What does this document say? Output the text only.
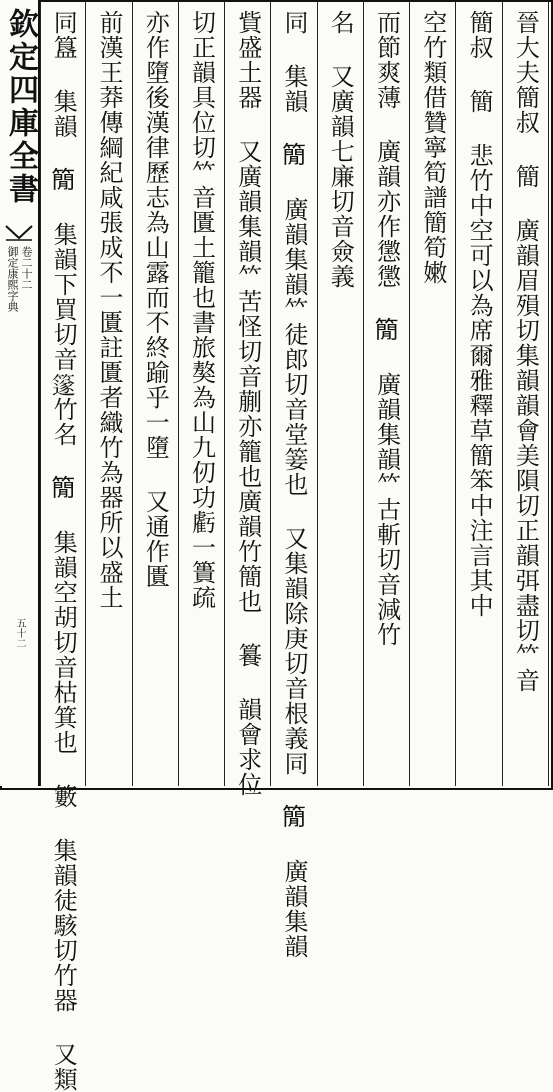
欽定四庫全書
御定康熙字典 卷二十二
五十二	晉大夫簡叔 簡 廣韻眉殞切集韻韻會美隕切正韻弭盡切𥫗音
簡叔 簡 悲竹中空可以為席爾雅釋草簡笨中注言其中
空竹類借贊寧筍譜簡筍嫩
而節爽薄 廣韻亦作懲懲 𥳑 廣韻集韻𥫗古斬切音減竹
名 又廣韻七廉切音僉義
同 集韻 𥳑 廣韻集韻𥫗徒郎切音堂䈉也 又集韻除庚切音根義同 𥳑 廣韻集韻
貲盛土器 又廣韻集韻𥫗苦怪切音蒯亦籠也廣韻竹簡也 籑 韻會求位
切正韻具位切𥫗音匱土籠也書旅獒為山九仞功虧一簣疏
亦作墮後漢律歷志為山露而不終踰乎一墮 又通作匱
前漢王莽傳綱紀咸張成不一匱註匱者織竹為器所以盛土
同簋 集韻 𥳑 集韻下買切音𥴦竹名 𥳑 集韻空胡切音枯箕也 籔 集韻徒駭切竹器 又類
